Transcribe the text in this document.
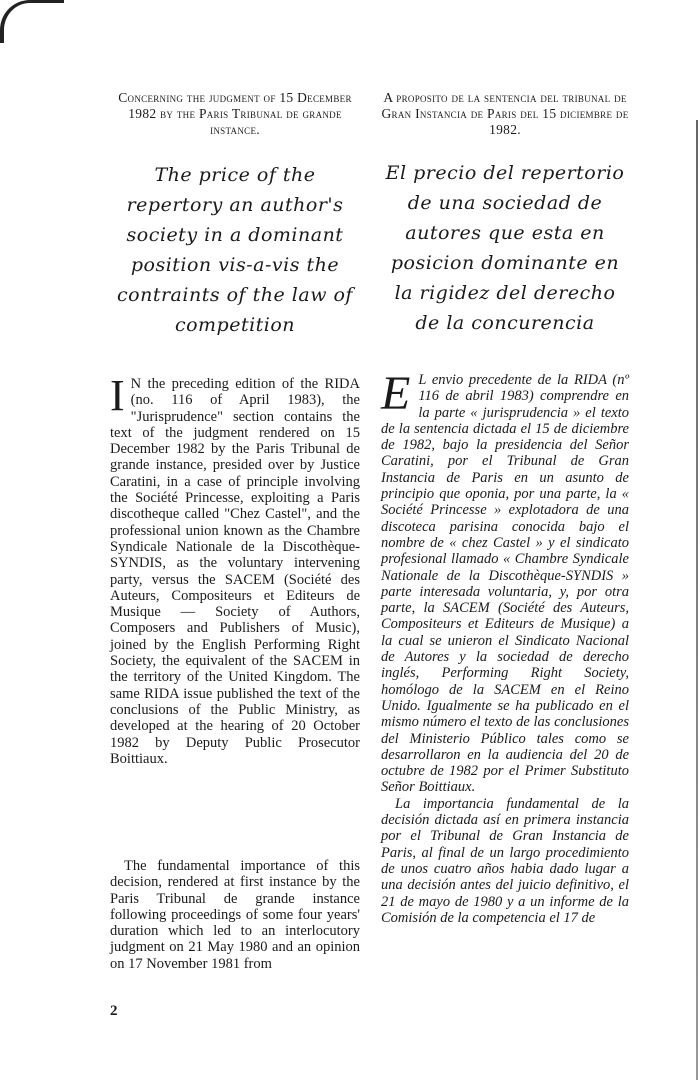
Concerning the judgment of 15 December 1982 by the Paris Tribunal de grande instance.
A proposito de la sentencia del tribunal de Gran Instancia de Paris del 15 diciembre de 1982.
The price of the repertory an author's society in a dominant position vis-a-vis the contraints of the law of competition
El precio del repertorio de una sociedad de autores que esta en posicion dominante en la rigidez del derecho de la concurencia

I N the preceding edition of the RIDA (no. 116 of April 1983), the "Jurisprudence" section contains the text of the judgment rendered on 15 December 1982 by the Paris Tribunal de grande instance, presided over by Justice Caratini, in a case of principle involving the Société Princesse, exploiting a Paris discotheque called "Chez Castel", and the professional union known as the Chambre Syndicale Nationale de la Discothèque-SYNDIS, as the voluntary intervening party, versus the SACEM (Société des Auteurs, Compositeurs et Editeurs de Musique — Society of Authors, Composers and Publishers of Music), joined by the English Performing Right Society, the equivalent of the SACEM in the territory of the United Kingdom. The same RIDA issue published the text of the conclusions of the Public Ministry, as developed at the hearing of 20 October 1982 by Deputy Public Prosecutor Boittiaux.

The fundamental importance of this decision, rendered at first instance by the Paris Tribunal de grande instance following proceedings of some four years' duration which led to an interlocutory judgment on 21 May 1980 and an opinion on 17 November 1981 from

E L envio precedente de la RIDA (nº 116 de abril 1983) comprendre en la parte « jurisprudencia » el texto de la sentencia dictada el 15 de diciembre de 1982, bajo la presidencia del Señor Caratini, por el Tribunal de Gran Instancia de Paris en un asunto de principio que oponia, por una parte, la « Société Princesse » explotadora de una discoteca parisina conocida bajo el nombre de « chez Castel » y el sindicato profesional llamado « Chambre Syndicale Nationale de la Discothèque-SYNDIS » parte interesada voluntaria, y, por otra parte, la SACEM (Société des Auteurs, Compositeurs et Editeurs de Musique) a la cual se unieron el Sindicato Nacional de Autores y la sociedad de derecho inglés, Performing Right Society, homólogo de la SACEM en el Reino Unido. Igualmente se ha publicado en el mismo número el texto de las conclusiones del Ministerio Público tales como se desarrollaron en la audiencia del 20 de octubre de 1982 por el Primer Substituto Señor Boittiaux.

La importancia fundamental de la decisión dictada así en primera instancia por el Tribunal de Gran Instancia de Paris, al final de un largo procedimiento de unos cuatro años habia dado lugar a una decisión antes del juicio definitivo, el 21 de mayo de 1980 y a un informe de la Comisión de la competencia el 17 de

2
